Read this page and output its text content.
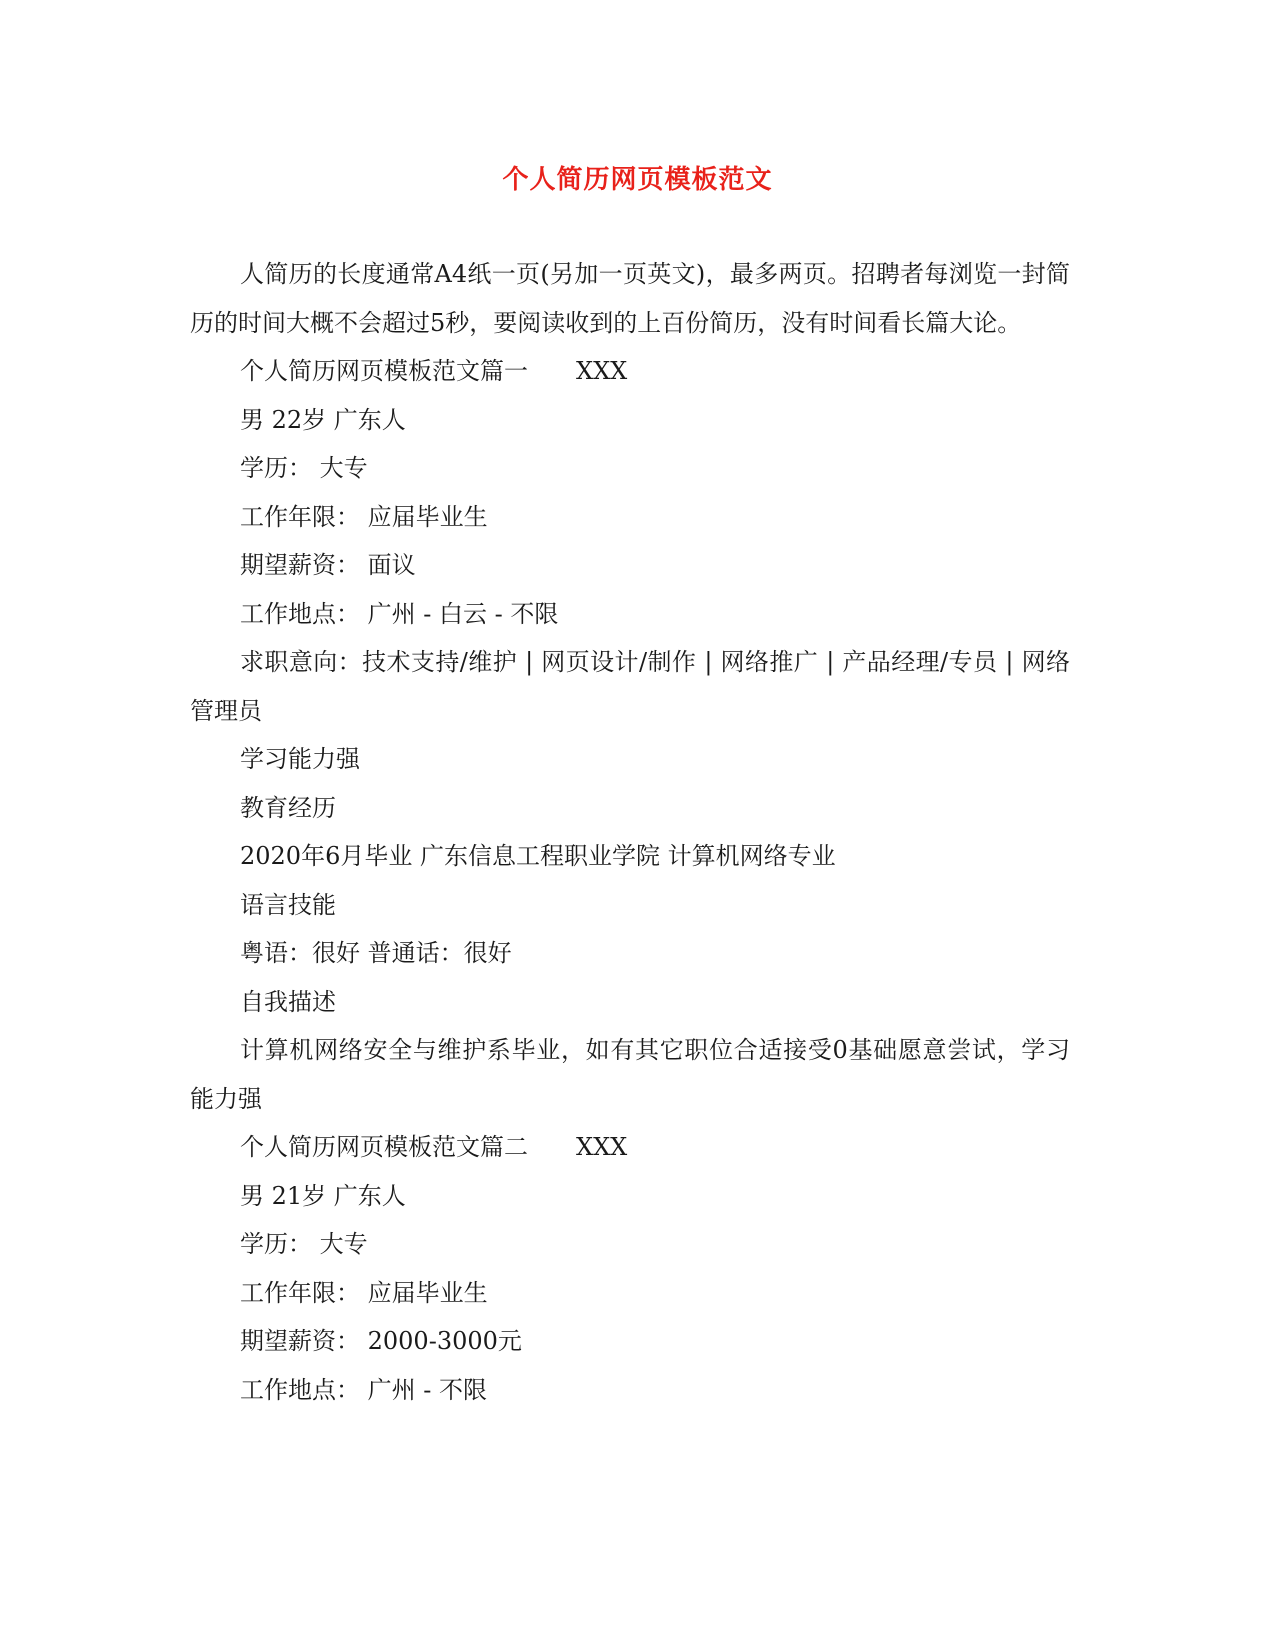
个人简历网页模板范文

人简历的长度通常A4纸一页(另加一页英文)，最多两页。招聘者每浏览一封简历的时间大概不会超过5秒，要阅读收到的上百份简历，没有时间看长篇大论。

个人简历网页模板范文篇一 XXX

男 22岁 广东人

学历： 大专

工作年限： 应届毕业生

期望薪资： 面议

工作地点： 广州 - 白云 - 不限

求职意向：技术支持/维护 | 网页设计/制作 | 网络推广 | 产品经理/专员 | 网络管理员

学习能力强

教育经历

2020年6月毕业 广东信息工程职业学院 计算机网络专业

语言技能

粤语：很好 普通话：很好

自我描述

计算机网络安全与维护系毕业，如有其它职位合适接受0基础愿意尝试，学习能力强

个人简历网页模板范文篇二 XXX

男 21岁 广东人

学历： 大专

工作年限： 应届毕业生

期望薪资： 2000-3000元

工作地点： 广州 - 不限
